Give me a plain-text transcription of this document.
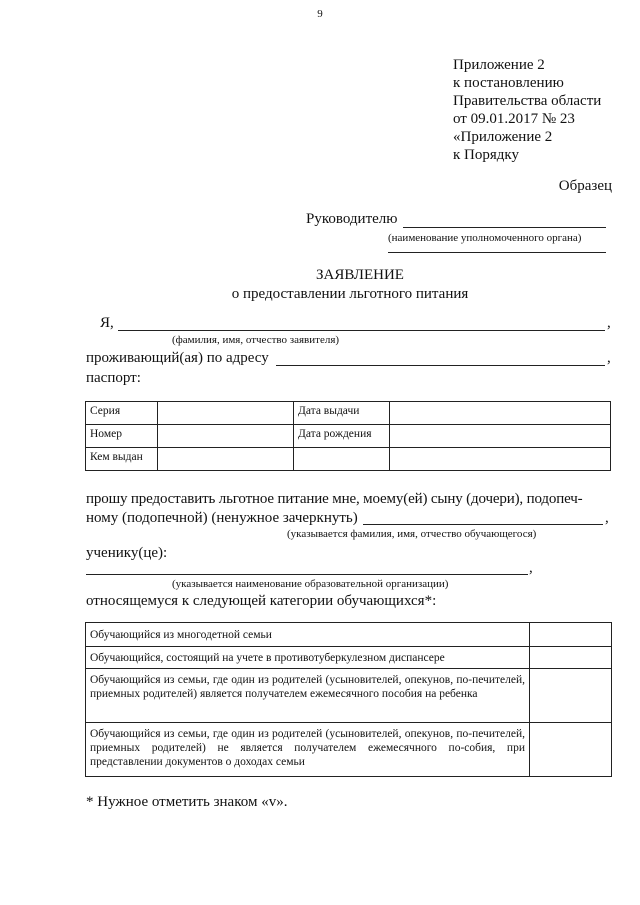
9
Приложение 2
к постановлению
Правительства области
от 09.01.2017 № 23
«Приложение 2
к Порядку
Образец
Руководителю
(наименование уполномоченного органа)
ЗАЯВЛЕНИЕ
о предоставлении льготного питания
Я,	,
(фамилия, имя, отчество заявителя)
проживающий(ая) по адресу	,
паспорт:
Серия		Дата выдачи	
Номер		Дата рождения	
Кем выдан			
прошу предоставить льготное питание мне, моему(ей) сыну (дочери), подопеч-
ному (подопечной) (ненужное зачеркнуть)	,
(указывается фамилия, имя, отчество обучающегося)
ученику(це):
,
(указывается наименование образовательной организации)
относящемуся к следующей категории обучающихся*:
Обучающийся из многодетной семьи	
Обучающийся, состоящий на учете в противотуберкулезном диспансере	
Обучающийся из семьи, где один из родителей (усыновителей, опекунов, по-печителей, приемных родителей) является получателем ежемесячного пособия на ребенка	
Обучающийся из семьи, где один из родителей (усыновителей, опекунов, по-печителей, приемных родителей) не является получателем ежемесячного по-собия, при представлении документов о доходах семьи	
* Нужное отметить знаком «v».
